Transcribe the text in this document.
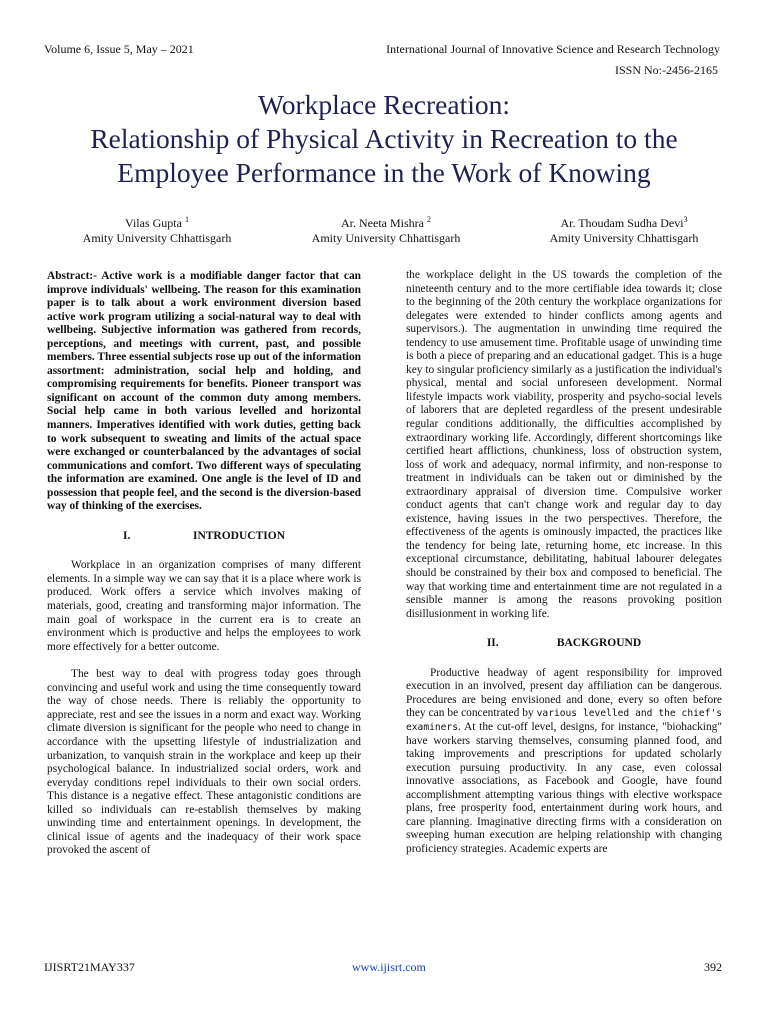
Volume 6, Issue 5, May – 2021	International Journal of Innovative Science and Research Technology
ISSN No:-2456-2165
Workplace Recreation:
Relationship of Physical Activity in Recreation to the
Employee Performance in the Work of Knowing
Vilas Gupta $^1$
Amity University Chhattisgarh
Ar. Neeta Mishra $^2$
Amity University Chhattisgarh
Ar. Thoudam Sudha Devi$^3$
Amity University Chhattisgarh

Abstract:- Active work is a modifiable danger factor that can improve individuals' wellbeing. The reason for this examination paper is to talk about a work environment diversion based active work program utilizing a social-natural way to deal with wellbeing. Subjective information was gathered from records, perceptions, and meetings with current, past, and possible members. Three essential subjects rose up out of the information assortment: administration, social help and holding, and compromising requirements for benefits. Pioneer transport was significant on account of the common duty among members. Social help came in both various levelled and horizontal manners. Imperatives identified with work duties, getting back to work subsequent to sweating and limits of the actual space were exchanged or counterbalanced by the advantages of social communications and comfort. Two different ways of speculating the information are examined. One angle is the level of ID and possession that people feel, and the second is the diversion-based way of thinking of the exercises.

I.	INTRODUCTION

Workplace in an organization comprises of many different elements. In a simple way we can say that it is a place where work is produced. Work offers a service which involves making of materials, good, creating and transforming major information. The main goal of workspace in the current era is to create an environment which is productive and helps the employees to work more effectively for a better outcome.

The best way to deal with progress today goes through convincing and useful work and using the time consequently toward the way of chose needs. There is reliably the opportunity to appreciate, rest and see the issues in a norm and exact way. Working climate diversion is significant for the people who need to change in accordance with the upsetting lifestyle of industrialization and urbanization, to vanquish strain in the workplace and keep up their psychological balance. In industrialized social orders, work and everyday conditions repel individuals to their own social orders. This distance is a negative effect. These antagonistic conditions are killed so individuals can re-establish themselves by making unwinding time and entertainment openings. In development, the clinical issue of agents and the inadequacy of their work space provoked the ascent of

the workplace delight in the US towards the completion of the nineteenth century and to the more certifiable idea towards it; close to the beginning of the 20th century the workplace organizations for delegates were extended to hinder conflicts among agents and supervisors.). The augmentation in unwinding time required the tendency to use amusement time. Profitable usage of unwinding time is both a piece of preparing and an educational gadget. This is a huge key to singular proficiency similarly as a justification the individual's physical, mental and social unforeseen development. Normal lifestyle impacts work viability, prosperity and psycho-social levels of laborers that are depleted regardless of the present undesirable regular conditions additionally, the difficulties accomplished by extraordinary working life. Accordingly, different shortcomings like certified heart afflictions, chunkiness, loss of obstruction system, loss of work and adequacy, normal infirmity, and non-response to treatment in individuals can be taken out or diminished by the extraordinary appraisal of diversion time. Compulsive worker conduct agents that can't change work and regular day to day existence, having issues in the two perspectives. Therefore, the effectiveness of the agents is ominously impacted, the practices like the tendency for being late, returning home, etc increase. In this exceptional circumstance, debilitating, habitual labourer delegates should be constrained by their box and composed to beneficial. The way that working time and entertainment time are not regulated in a sensible manner is among the reasons provoking position disillusionment in working life.

II.	BACKGROUND

Productive headway of agent responsibility for improved execution in an involved, present day affiliation can be dangerous. Procedures are being envisioned and done, every so often before they can be concentrated by various levelled and the chief's examiners. At the cut-off level, designs, for instance, "biohacking" have workers starving themselves, consuming planned food, and taking improvements and prescriptions for updated scholarly execution pursuing productivity. In any case, even colossal innovative associations, as Facebook and Google, have found accomplishment attempting various things with elective workspace plans, free prosperity food, entertainment during work hours, and care planning. Imaginative directing firms with a consideration on sweeping human execution are helping relationship with changing proficiency strategies. Academic experts are

IJISRT21MAY337	www.ijisrt.com	392
